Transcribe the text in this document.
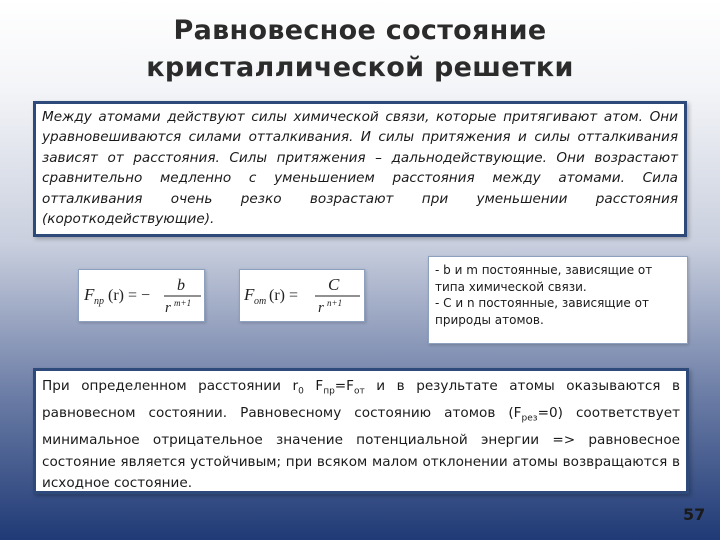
Равновесное состояние кристаллической решетки
Между атомами действуют силы химической связи, которые притягивают атом. Они уравновешиваются силами отталкивания. И силы притяжения и силы отталкивания зависят от расстояния. Силы притяжения – дальнодействующие. Они возрастают сравнительно медленно с уменьшением расстояния между атомами. Сила отталкивания очень резко возрастают при уменьшении расстояния (короткодействующие).
F пр (r) = −
b
r m+1	F от (r) =
C
r n+1
- b и m постоянные, зависящие от
типа химической связи.
- С и n постоянные, зависящие от
природы атомов.
При определенном расстоянии $r_0$ $F_{пр}=F_{от}$ и в результате атомы оказываются в равновесном состоянии. Равновесному состоянию атомов $(F_{рез}=0)$ соответствует минимальное отрицательное значение потенциальной энергии => равновесное состояние является устойчивым; при всяком малом отклонении атомы возвращаются в исходное состояние.
57
